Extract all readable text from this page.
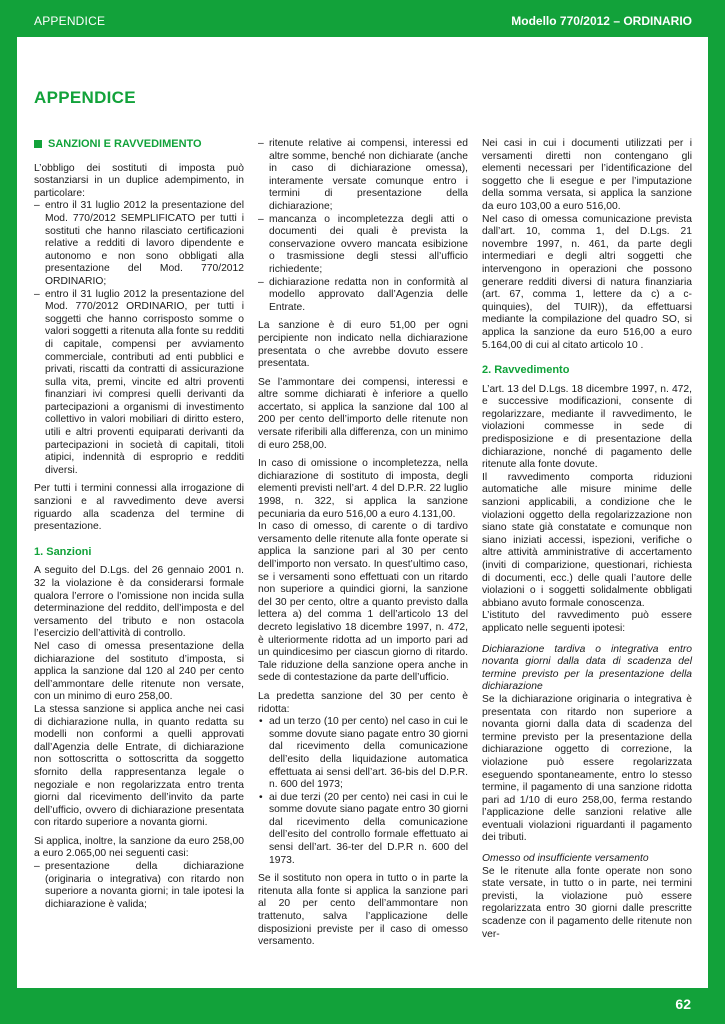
APPENDICE	Modello 770/2012 – ORDINARIO
APPENDICE
SANZIONI E RAVVEDIMENTO

L’obbligo dei sostituti di imposta può sostanziarsi in un duplice adempimento, in particolare:

– entro il 31 luglio 2012 la presentazione del Mod. 770/2012 SEMPLIFICATO per tutti i sostituti che hanno rilasciato certificazioni relative a redditi di lavoro dipendente e autonomo e non sono obbligati alla presentazione del Mod. 770/2012 ORDINARIO;
– entro il 31 luglio 2012 la presentazione del Mod. 770/2012 ORDINARIO, per tutti i soggetti che hanno corrisposto somme o valori soggetti a ritenuta alla fonte su redditi di capitale, compensi per avviamento commerciale, contributi ad enti pubblici e privati, riscatti da contratti di assicurazione sulla vita, premi, vincite ed altri proventi finanziari ivi compresi quelli derivanti da partecipazioni a organismi di investimento collettivo in valori mobiliari di diritto estero, utili e altri proventi equiparati derivanti da partecipazioni in società di capitali, titoli atipici, indennità di esproprio e redditi diversi.

Per tutti i termini connessi alla irrogazione di sanzioni e al ravvedimento deve aversi riguardo alla scadenza del termine di presentazione.

1. Sanzioni

A seguito del D.Lgs. del 26 gennaio 2001 n. 32 la violazione è da considerarsi formale qualora l’errore o l’omissione non incida sulla determinazione del reddito, dell’imposta e del versamento del tributo e non ostacola l’esercizio dell’attività di controllo.

Nel caso di omessa presentazione della dichiarazione del sostituto d’imposta, si applica la sanzione dal 120 al 240 per cento dell’ammontare delle ritenute non versate, con un minimo di euro 258,00.

La stessa sanzione si applica anche nei casi di dichiarazione nulla, in quanto redatta su modelli non conformi a quelli approvati dall’Agenzia delle Entrate, di dichiarazione non sottoscritta o sottoscritta da soggetto sfornito della rappresentanza legale o negoziale e non regolarizzata entro trenta giorni dal ricevimento dell’invito da parte dell’ufficio, ovvero di dichiarazione presentata con ritardo superiore a novanta giorni.

Si applica, inoltre, la sanzione da euro 258,00 a euro 2.065,00 nei seguenti casi:

– presentazione della dichiarazione (originaria o integrativa) con ritardo non superiore a novanta giorni; in tale ipotesi la dichiarazione è valida;
– ritenute relative ai compensi, interessi ed altre somme, benché non dichiarate (anche in caso di dichiarazione omessa), interamente versate comunque entro i termini di presentazione della dichiarazione;
– mancanza o incompletezza degli atti o documenti dei quali è prevista la conservazione ovvero mancata esibizione o trasmissione degli stessi all’ufficio richiedente;
– dichiarazione redatta non in conformità al modello approvato dall’Agenzia delle Entrate.

La sanzione è di euro 51,00 per ogni percipiente non indicato nella dichiarazione presentata o che avrebbe dovuto essere presentata.

Se l’ammontare dei compensi, interessi e altre somme dichiarati è inferiore a quello accertato, si applica la sanzione dal 100 al 200 per cento dell’importo delle ritenute non versate riferibili alla differenza, con un minimo di euro 258,00.

In caso di omissione o incompletezza, nella dichiarazione di sostituto di imposta, degli elementi previsti nell’art. 4 del D.P.R. 22 luglio 1998, n. 322, si applica la sanzione pecuniaria da euro 516,00 a euro 4.131,00.

In caso di omesso, di carente o di tardivo versamento delle ritenute alla fonte operate si applica la sanzione pari al 30 per cento dell’importo non versato. In quest’ultimo caso, se i versamenti sono effettuati con un ritardo non superiore a quindici giorni, la sanzione del 30 per cento, oltre a quanto previsto dalla lettera a) del comma 1 dell’articolo 13 del decreto legislativo 18 dicembre 1997, n. 472, è ulteriormente ridotta ad un importo pari ad un quindicesimo per ciascun giorno di ritardo. Tale riduzione della sanzione opera anche in sede di contestazione da parte dell’ufficio.

La predetta sanzione del 30 per cento è ridotta:

• ad un terzo (10 per cento) nel caso in cui le somme dovute siano pagate entro 30 giorni dal ricevimento della comunicazione dell’esito della liquidazione automatica effettuata ai sensi dell’art. 36-bis del D.P.R. n. 600 del 1973;
• ai due terzi (20 per cento) nei casi in cui le somme dovute siano pagate entro 30 giorni dal ricevimento della comunicazione dell’esito del controllo formale effettuato ai sensi dell’art. 36-ter del D.P.R n. 600 del 1973.

Se il sostituto non opera in tutto o in parte la ritenuta alla fonte si applica la sanzione pari al 20 per cento dell’ammontare non trattenuto, salva l’applicazione delle disposizioni previste per il caso di omesso versamento.

Nei casi in cui i documenti utilizzati per i versamenti diretti non contengano gli elementi necessari per l’identificazione del soggetto che li esegue e per l’imputazione della somma versata, si applica la sanzione da euro 103,00 a euro 516,00.

Nel caso di omessa comunicazione prevista dall’art. 10, comma 1, del D.Lgs. 21 novembre 1997, n. 461, da parte degli intermediari e degli altri soggetti che intervengono in operazioni che possono generare redditi diversi di natura finanziaria (art. 67, comma 1, lettere da c) a c-quinquies), del TUIR)), da effettuarsi mediante la compilazione del quadro SO, si applica la sanzione da euro 516,00 a euro 5.164,00 di cui al citato articolo 10 .

2. Ravvedimento

L’art. 13 del D.Lgs. 18 dicembre 1997, n. 472, e successive modificazioni, consente di regolarizzare, mediante il ravvedimento, le violazioni commesse in sede di predisposizione e di presentazione della dichiarazione, nonché di pagamento delle ritenute alla fonte dovute.

Il ravvedimento comporta riduzioni automatiche alle misure minime delle sanzioni applicabili, a condizione che le violazioni oggetto della regolarizzazione non siano state già constatate e comunque non siano iniziati accessi, ispezioni, verifiche o altre attività amministrative di accertamento (inviti di comparizione, questionari, richiesta di documenti, ecc.) delle quali l’autore delle violazioni o i soggetti solidalmente obbligati abbiano avuto formale conoscenza.

L’istituto del ravvedimento può essere applicato nelle seguenti ipotesi:

Dichiarazione tardiva o integrativa entro novanta giorni dalla data di scadenza del termine previsto per la presentazione della dichiarazione

Se la dichiarazione originaria o integrativa è presentata con ritardo non superiore a novanta giorni dalla data di scadenza del termine previsto per la presentazione della dichiarazione oggetto di correzione, la violazione può essere regolarizzata eseguendo spontaneamente, entro lo stesso termine, il pagamento di una sanzione ridotta pari ad 1/10 di euro 258,00, ferma restando l’applicazione delle sanzioni relative alle eventuali violazioni riguardanti il pagamento dei tributi.

Omesso od insufficiente versamento

Se le ritenute alla fonte operate non sono state versate, in tutto o in parte, nei termini previsti, la violazione può essere regolarizzata entro 30 giorni dalle prescritte scadenze con il pagamento delle ritenute non ver-

62
